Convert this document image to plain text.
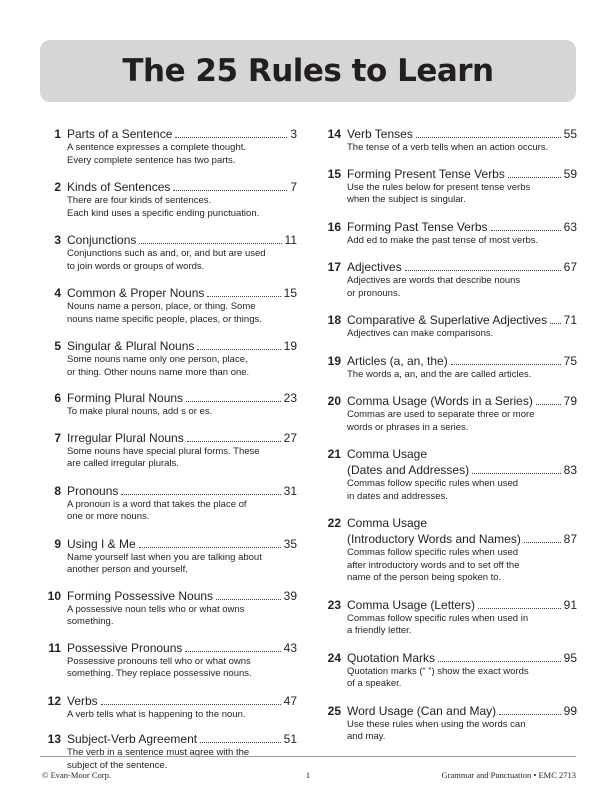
The 25 Rules to Learn
1 Parts of a Sentence	3
A sentence expresses a complete thought.
Every complete sentence has two parts.
2 Kinds of Sentences	7
There are four kinds of sentences.
Each kind uses a specific ending punctuation.
3 Conjunctions	11
Conjunctions such as and, or, and but are used
to join words or groups of words.
4 Common & Proper Nouns	15
Nouns name a person, place, or thing. Some
nouns name specific people, places, or things.
5 Singular & Plural Nouns	19
Some nouns name only one person, place,
or thing. Other nouns name more than one.
6 Forming Plural Nouns	23
To make plural nouns, add s or es.
7 Irregular Plural Nouns	27
Some nouns have special plural forms. These
are called irregular plurals.
8 Pronouns	31
A pronoun is a word that takes the place of
one or more nouns.
9 Using I & Me	35
Name yourself last when you are talking about
another person and yourself.
10 Forming Possessive Nouns	39
A possessive noun tells who or what owns
something.
11 Possessive Pronouns	43
Possessive pronouns tell who or what owns
something. They replace possessive nouns.
12 Verbs	47
A verb tells what is happening to the noun.
13 Subject-Verb Agreement	51
The verb in a sentence must agree with the
subject of the sentence.
14 Verb Tenses	55
The tense of a verb tells when an action occurs.
15 Forming Present Tense Verbs	59
Use the rules below for present tense verbs
when the subject is singular.
16 Forming Past Tense Verbs	63
Add ed to make the past tense of most verbs.
17 Adjectives	67
Adjectives are words that describe nouns
or pronouns.
18 Comparative & Superlative Adjectives 71
Adjectives can make comparisons.
19 Articles (a, an, the)	75
The words a, an, and the are called articles.
20 Comma Usage (Words in a Series)	79
Commas are used to separate three or more
words or phrases in a series.
21 Comma Usage
(Dates and Addresses)	83
Commas follow specific rules when used
in dates and addresses.
22 Comma Usage
(Introductory Words and Names)	87
Commas follow specific rules when used
after introductory words and to set off the
name of the person being spoken to.
23 Comma Usage (Letters)	91
Commas follow specific rules when used in
a friendly letter.
24 Quotation Marks	95
Quotation marks (“ ”) show the exact words
of a speaker.
25 Word Usage (Can and May)	99
Use these rules when using the words can
and may.
© Evan-Moor Corp.	1	Grammar and Punctuation • EMC 2713
